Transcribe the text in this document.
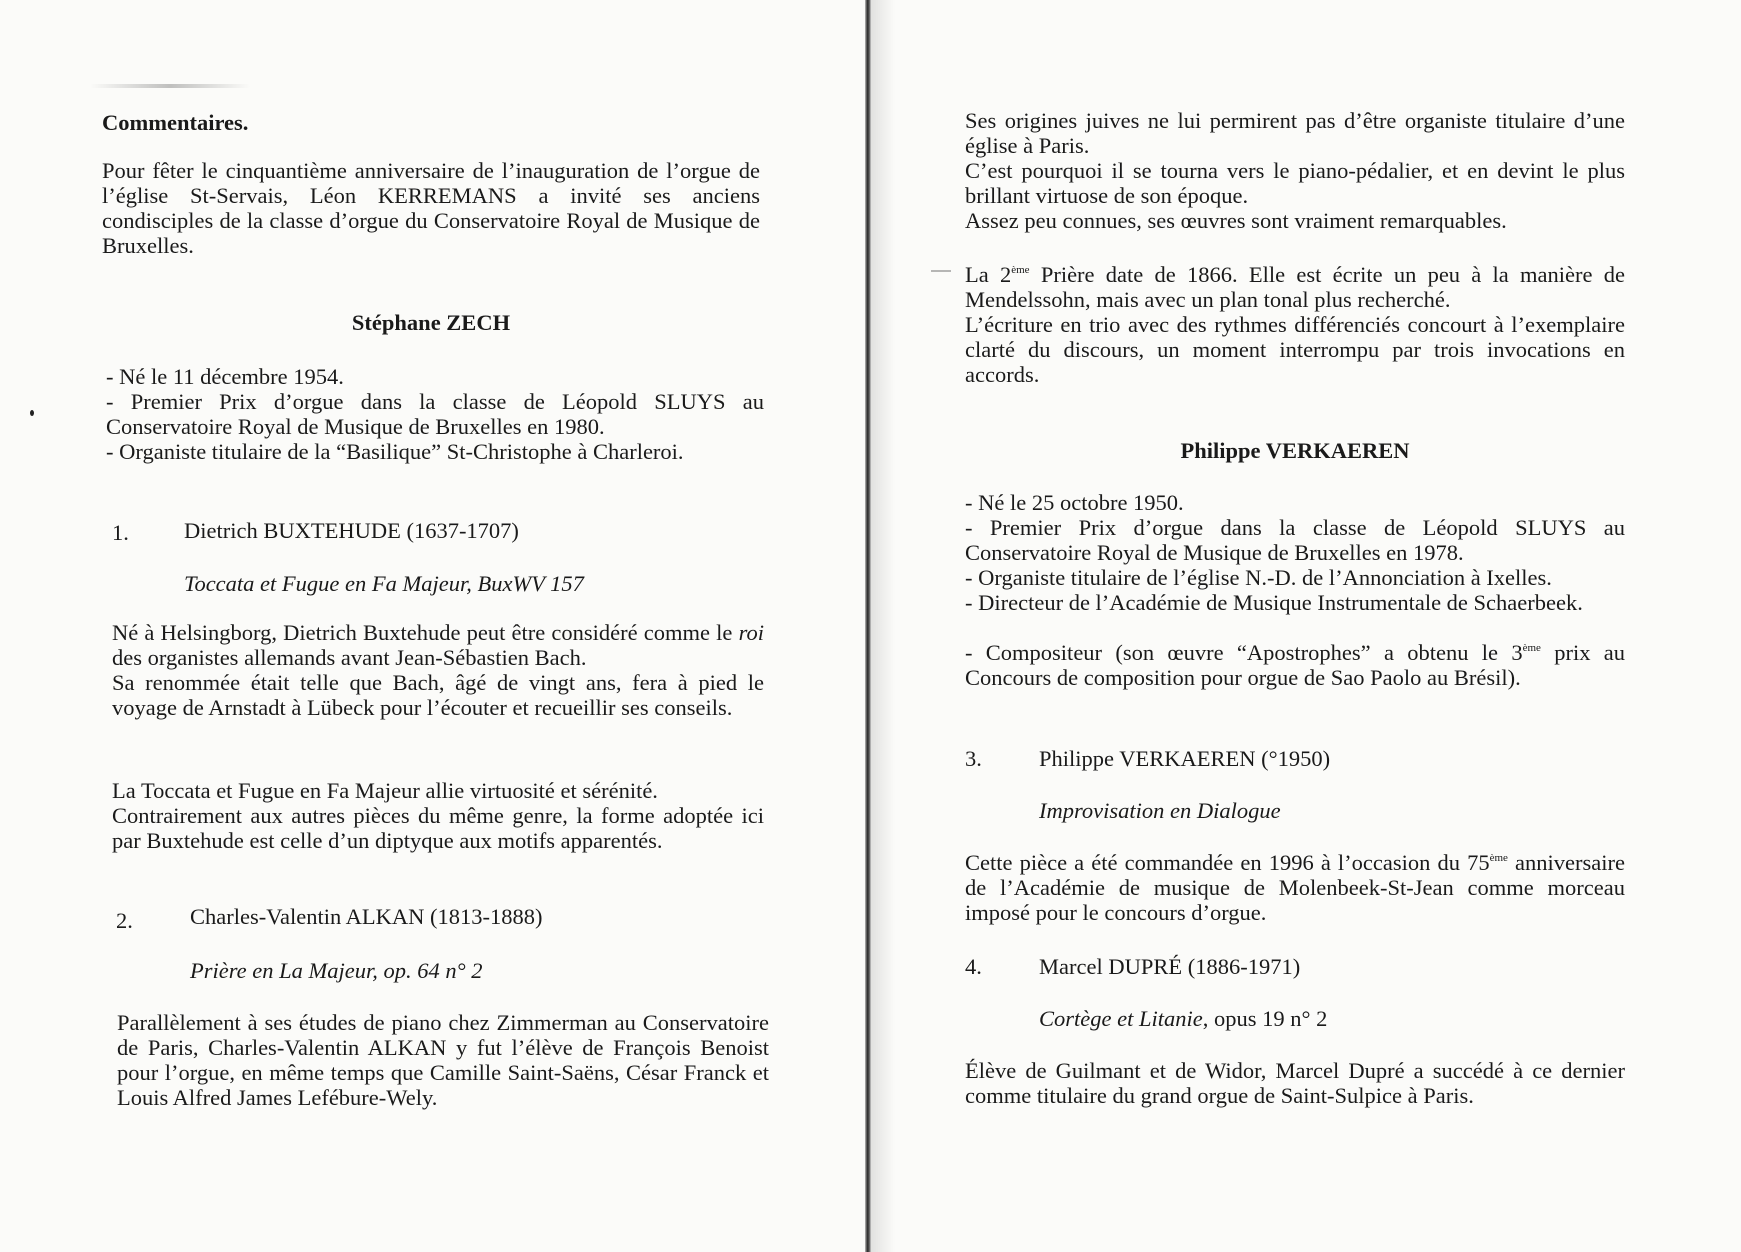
Commentaires.

Pour fêter le cinquantième anniversaire de l’inauguration de l’orgue de l’église St-Servais, Léon KERREMANS a invité ses anciens condisciples de la classe d’orgue du Conservatoire Royal de Musique de Bruxelles.

Stéphane ZECH

- Né le 11 décembre 1954.

- Premier Prix d’orgue dans la classe de Léopold SLUYS au Conservatoire Royal de Musique de Bruxelles en 1980.

- Organiste titulaire de la “Basilique” St-Christophe à Charleroi.

1.	Dietrich BUXTEHUDE (1637-1707)

Toccata et Fugue en Fa Majeur, BuxWV 157

Né à Helsingborg, Dietrich Buxtehude peut être considéré comme le roi des organistes allemands avant Jean-Sébastien Bach.

Sa renommée était telle que Bach, âgé de vingt ans, fera à pied le voyage de Arnstadt à Lübeck pour l’écouter et recueillir ses conseils.

La Toccata et Fugue en Fa Majeur allie virtuosité et sérénité.

Contrairement aux autres pièces du même genre, la forme adoptée ici par Buxtehude est celle d’un diptyque aux motifs apparentés.

2.	Charles-Valentin ALKAN (1813-1888)

Prière en La Majeur, op. 64 n° 2

Parallèlement à ses études de piano chez Zimmerman au Conservatoire de Paris, Charles-Valentin ALKAN y fut l’élève de François Benoist pour l’orgue, en même temps que Camille Saint-Saëns, César Franck et Louis Alfred James Lefébure-Wely.

Ses origines juives ne lui permirent pas d’être organiste titulaire d’une église à Paris.

C’est pourquoi il se tourna vers le piano-pédalier, et en devint le plus brillant virtuose de son époque.

Assez peu connues, ses œuvres sont vraiment remarquables.

La 2ème Prière date de 1866. Elle est écrite un peu à la manière de Mendelssohn, mais avec un plan tonal plus recherché.

L’écriture en trio avec des rythmes différenciés concourt à l’exemplaire clarté du discours, un moment interrompu par trois invocations en accords.

Philippe VERKAEREN

- Né le 25 octobre 1950.

- Premier Prix d’orgue dans la classe de Léopold SLUYS au Conservatoire Royal de Musique de Bruxelles en 1978.

- Organiste titulaire de l’église N.-D. de l’Annonciation à Ixelles.

- Directeur de l’Académie de Musique Instrumentale de Schaerbeek.

- Compositeur (son œuvre “Apostrophes” a obtenu le 3ème prix au Concours de composition pour orgue de Sao Paolo au Brésil).

3.	Philippe VERKAEREN (°1950)

Improvisation en Dialogue

Cette pièce a été commandée en 1996 à l’occasion du 75ème anniversaire de l’Académie de musique de Molenbeek-St-Jean comme morceau imposé pour le concours d’orgue.

4.	Marcel DUPRÉ (1886-1971)

Cortège et Litanie, opus 19 n° 2

Élève de Guilmant et de Widor, Marcel Dupré a succédé à ce dernier comme titulaire du grand orgue de Saint-Sulpice à Paris.
